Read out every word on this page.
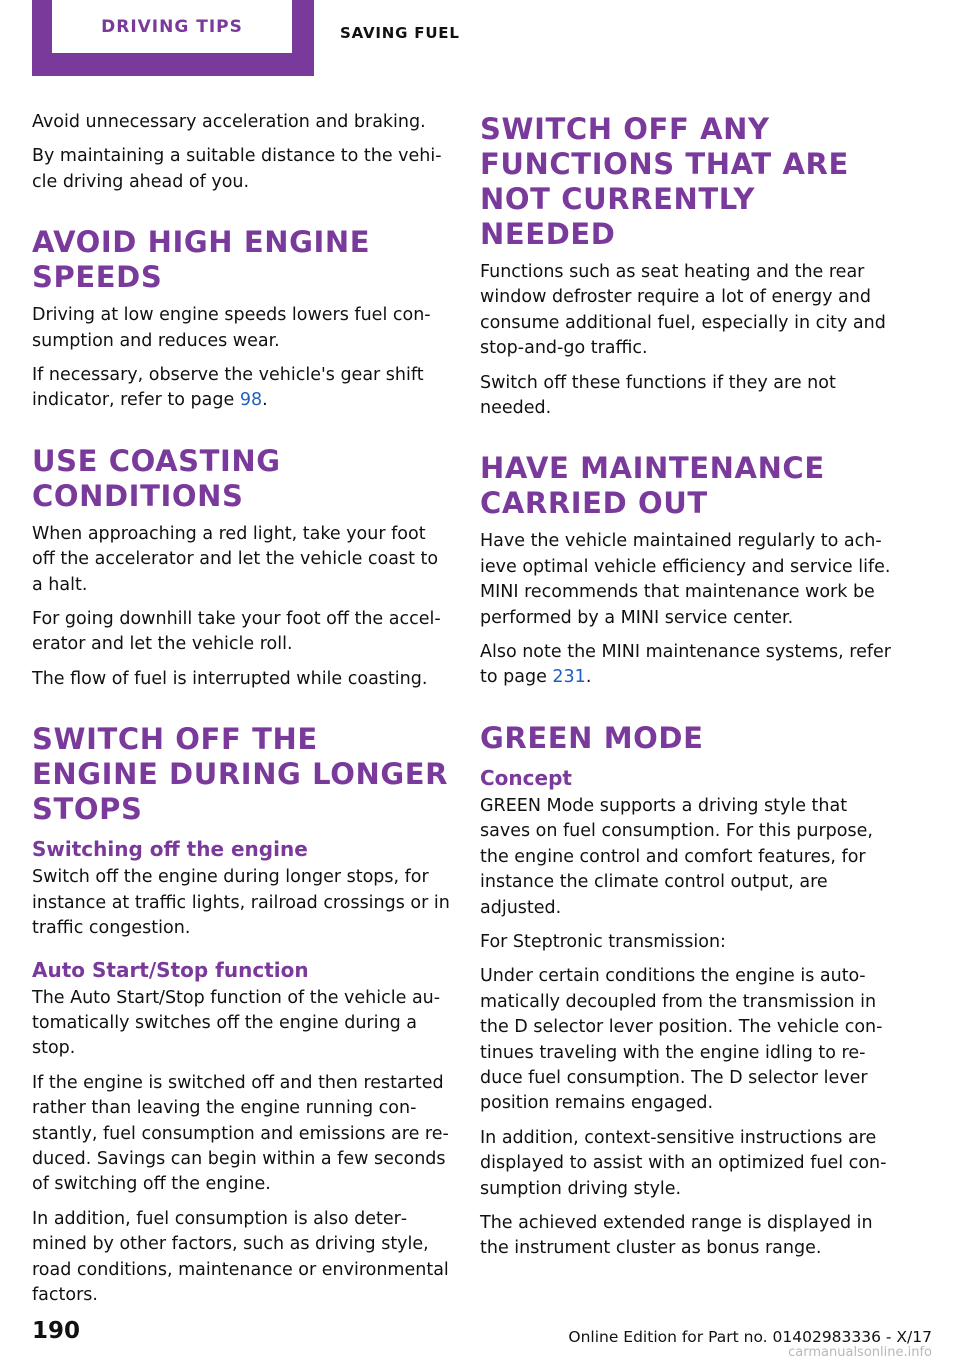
DRIVING TIPS	SAVING FUEL

Avoid unnecessary acceleration and braking.

By maintaining a suitable distance to the vehicle driving ahead of you.

AVOID HIGH ENGINE SPEEDS

Driving at low engine speeds lowers fuel consumption and reduces wear.

If necessary, observe the vehicle's gear shift indicator, refer to page 98.

USE COASTING CONDITIONS

When approaching a red light, take your foot off the accelerator and let the vehicle coast to a halt.

For going downhill take your foot off the accelerator and let the vehicle roll.

The flow of fuel is interrupted while coasting.

SWITCH OFF THE ENGINE DURING LONGER STOPS
Switching off the engine

Switch off the engine during longer stops, for instance at traffic lights, railroad crossings or in traffic congestion.

Auto Start/Stop function

The Auto Start/Stop function of the vehicle automatically switches off the engine during a stop.

If the engine is switched off and then restarted rather than leaving the engine running constantly, fuel consumption and emissions are reduced. Savings can begin within a few seconds of switching off the engine.

In addition, fuel consumption is also determined by other factors, such as driving style, road conditions, maintenance or environmental factors.

SWITCH OFF ANY FUNCTIONS THAT ARE NOT CURRENTLY NEEDED

Functions such as seat heating and the rear window defroster require a lot of energy and consume additional fuel, especially in city and stop-and-go traffic.

Switch off these functions if they are not needed.

HAVE MAINTENANCE CARRIED OUT

Have the vehicle maintained regularly to achieve optimal vehicle efficiency and service life. MINI recommends that maintenance work be performed by a MINI service center.

Also note the MINI maintenance systems, refer to page 231.

GREEN MODE
Concept

GREEN Mode supports a driving style that saves on fuel consumption. For this purpose, the engine control and comfort features, for instance the climate control output, are adjusted.

For Steptronic transmission:

Under certain conditions the engine is automatically decoupled from the transmission in the D selector lever position. The vehicle continues traveling with the engine idling to reduce fuel consumption. The D selector lever position remains engaged.

In addition, context-sensitive instructions are displayed to assist with an optimized fuel consumption driving style.

The achieved extended range is displayed in the instrument cluster as bonus range.

190	Online Edition for Part no. 01402983336 - X/17
carmanualsonline.info
